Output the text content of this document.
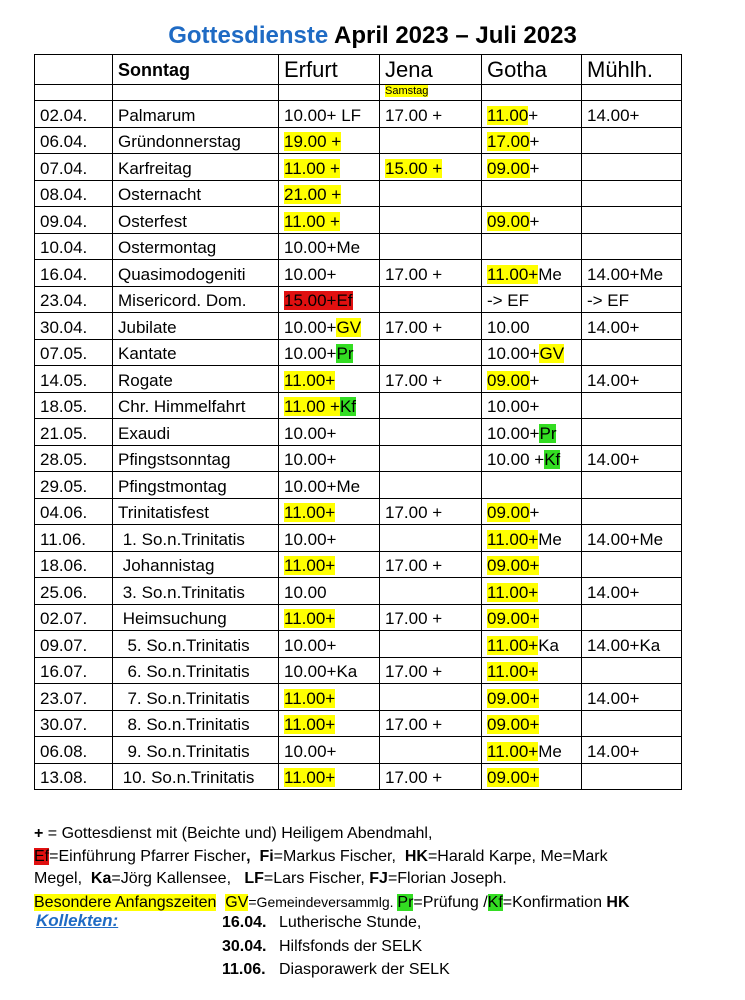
Gottesdienste April 2023 – Juli 2023
	Sonntag	Erfurt	Jena	Gotha	Mühlh.
			Samstag		
02.04.	Palmarum	10.00+ LF	17.00 +	11.00+	14.00+
06.04.	Gründonnerstag	19.00 +		17.00+	
07.04.	Karfreitag	11.00 +	15.00 +	09.00+	
08.04.	Osternacht	21.00 +			
09.04.	Osterfest	11.00 +		09.00+	
10.04.	Ostermontag	10.00+Me			
16.04.	Quasimodogeniti	10.00+	17.00 +	11.00+Me	14.00+Me
23.04.	Misericord. Dom.	15.00+Ef		-> EF	-> EF
30.04.	Jubilate	10.00+GV	17.00 +	10.00	14.00+
07.05.	Kantate	10.00+Pr		10.00+GV	
14.05.	Rogate	11.00+	17.00 +	09.00+	14.00+
18.05.	Chr. Himmelfahrt	11.00 +Kf		10.00+	
21.05.	Exaudi	10.00+		10.00+Pr	
28.05.	Pfingstsonntag	10.00+		10.00 +Kf	14.00+
29.05.	Pfingstmontag	10.00+Me			
04.06.	Trinitatisfest	11.00+	17.00 +	09.00+	
11.06.	1. So.n.Trinitatis	10.00+		11.00+Me	14.00+Me
18.06.	Johannistag	11.00+	17.00 +	09.00+	
25.06.	3. So.n.Trinitatis	10.00		11.00+	14.00+
02.07.	Heimsuchung	11.00+	17.00 +	09.00+	
09.07.	5. So.n.Trinitatis	10.00+		11.00+Ka	14.00+Ka
16.07.	6. So.n.Trinitatis	10.00+Ka	17.00 +	11.00+	
23.07.	7. So.n.Trinitatis	11.00+		09.00+	14.00+
30.07.	8. So.n.Trinitatis	11.00+	17.00 +	09.00+	
06.08.	9. So.n.Trinitatis	10.00+		11.00+Me	14.00+
13.08.	10. So.n.Trinitatis	11.00+	17.00 +	09.00+	
+ = Gottesdienst mit (Beichte und) Heiligem Abendmahl,
Ef=Einführung Pfarrer Fischer, Fi=Markus Fischer,  HK=Harald Karpe, Me=Mark
Megel,  Ka=Jörg Kallensee,   LF=Lars Fischer, FJ=Florian Joseph.
Besondere Anfangszeiten GV=Gemeindeversammlg. Pr=Prüfung /Kf=Konfirmation HK
Kollekten:	16.04. Lutherische Stunde,
30.04. Hilfsfonds der SELK
11.06. Diasporawerk der SELK
